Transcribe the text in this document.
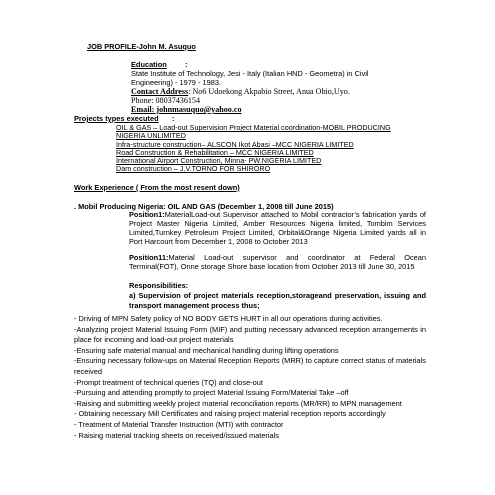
JOB PROFILE-John M. Asuquo
Education :
State Institute of Technology, Jesi - Italy (Italian HND - Geometra) in Civil
Engineering) - 1979 - 1983.
Contact Address: No6 Udoekong Akpabio Street, Anua Obio,Uyo.
Phone: 08037436154
Email: johnmasuquo@yahoo.co
Projects types executed :
OIL & GAS – Load-out Supervision Project Material coordination-MOBIL PRODUCING
NIGERIA UNLIMITED
Infra-structure construction– ALSCON Ikot Abasi –MCC NIGERIA LIMITED
Road Construction & Rehabilitation – MCC NIGERIA LIMITED
International Airport Construction, Minna- PW.NIGERIA LIMITED
Dam construction – J.V.TORNO FOR SHIRORO
Work Experience ( From the most resent down)
. Mobil Producing Nigeria: OIL AND GAS (December 1, 2008 till June 2015)
Position1:MaterialLoad-out Supervisor attached to Mobil contractor’s fabrication yards of Project Master Nigeria Limited, Amber Resources Nigeria limited, Tombim Services Limited,Turnkey Petroleum Project Limited, Orbital&Orange Nigeria Limited yards all in Port Harcourt from December 1, 2008 to October 2013
Position11:Material Load-out supervisor and coordinator at Federal Ocean Terminal(FOT), Onne storage Shore base location from October 2013 till June 30, 2015
Responsibilities:
a) Supervision of project materials reception,storageand preservation, issuing and transport management process thus;
- Driving of MPN Safety policy of NO BODY GETS HURT in all our operations during activities.
-Analyzing project Material Issuing Form (MIF) and putting necessary advanced reception arrangements in place for incoming and load-out project materials
-Ensuring safe material manual and mechanical handling during lifting operations
-Ensuring necessary follow-ups on Material Reception Reports (MRR) to capture correct status of materials received
-Prompt treatment of technical queries (TQ) and close-out
-Pursuing and attending promptly to project Material Issuing Form/Material Take –off
-Raising and submitting weekly project material reconciliation reports (MR/RR) to MPN management
- Obtaining necessary Mill Certificates and raising project material reception reports accordingly
- Treatment of Material Transfer Instruction (MTI) with contractor
- Raising material tracking sheets on received/issued materials
